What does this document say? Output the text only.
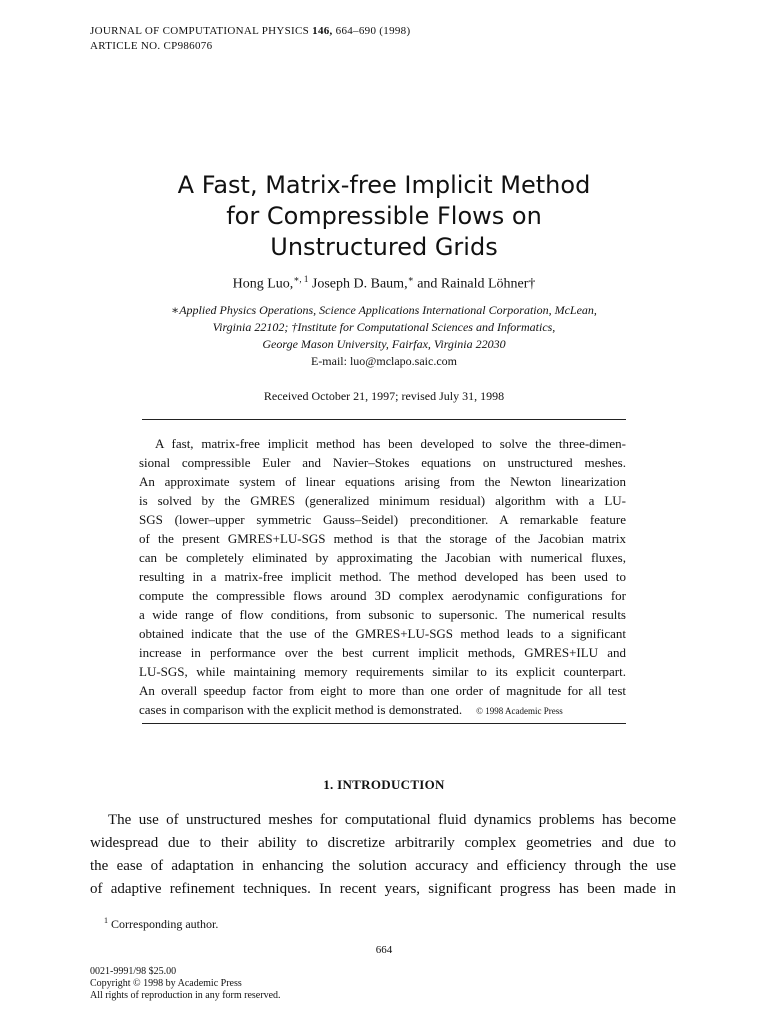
JOURNAL OF COMPUTATIONAL PHYSICS 146, 664–690 (1998)
ARTICLE NO. CP986076
A Fast, Matrix-free Implicit Method
for Compressible Flows on
Unstructured Grids
Hong Luo,$^{∗, 1}$ Joseph D. Baum,∗ and Rainald Löhner†
∗Applied Physics Operations, Science Applications International Corporation, McLean,
Virginia 22102; †Institute for Computational Sciences and Informatics,
George Mason University, Fairfax, Virginia 22030
E-mail: luo@mclapo.saic.com
Received October 21, 1997; revised July 31, 1998
A fast, matrix-free implicit method has been developed to solve the three-dimen-
sional compressible Euler and Navier–Stokes equations on unstructured meshes.
An approximate system of linear equations arising from the Newton linearization
is solved by the GMRES (generalized minimum residual) algorithm with a LU-
SGS (lower–upper symmetric Gauss–Seidel) preconditioner. A remarkable feature
of the present GMRES+LU-SGS method is that the storage of the Jacobian matrix
can be completely eliminated by approximating the Jacobian with numerical fluxes,
resulting in a matrix-free implicit method. The method developed has been used to
compute the compressible flows around 3D complex aerodynamic configurations for
a wide range of flow conditions, from subsonic to supersonic. The numerical results
obtained indicate that the use of the GMRES+LU-SGS method leads to a significant
increase in performance over the best current implicit methods, GMRES+ILU and
LU-SGS, while maintaining memory requirements similar to its explicit counterpart.
An overall speedup factor from eight to more than one order of magnitude for all test
cases in comparison with the explicit method is demonstrated. © 1998 Academic Press
1. INTRODUCTION
The use of unstructured meshes for computational fluid dynamics problems has become
widespread due to their ability to discretize arbitrarily complex geometries and due to
the ease of adaptation in enhancing the solution accuracy and efficiency through the use
of adaptive refinement techniques. In recent years, significant progress has been made in
$^1$ Corresponding author.
664
0021-9991/98 $25.00
Copyright © 1998 by Academic Press
All rights of reproduction in any form reserved.
